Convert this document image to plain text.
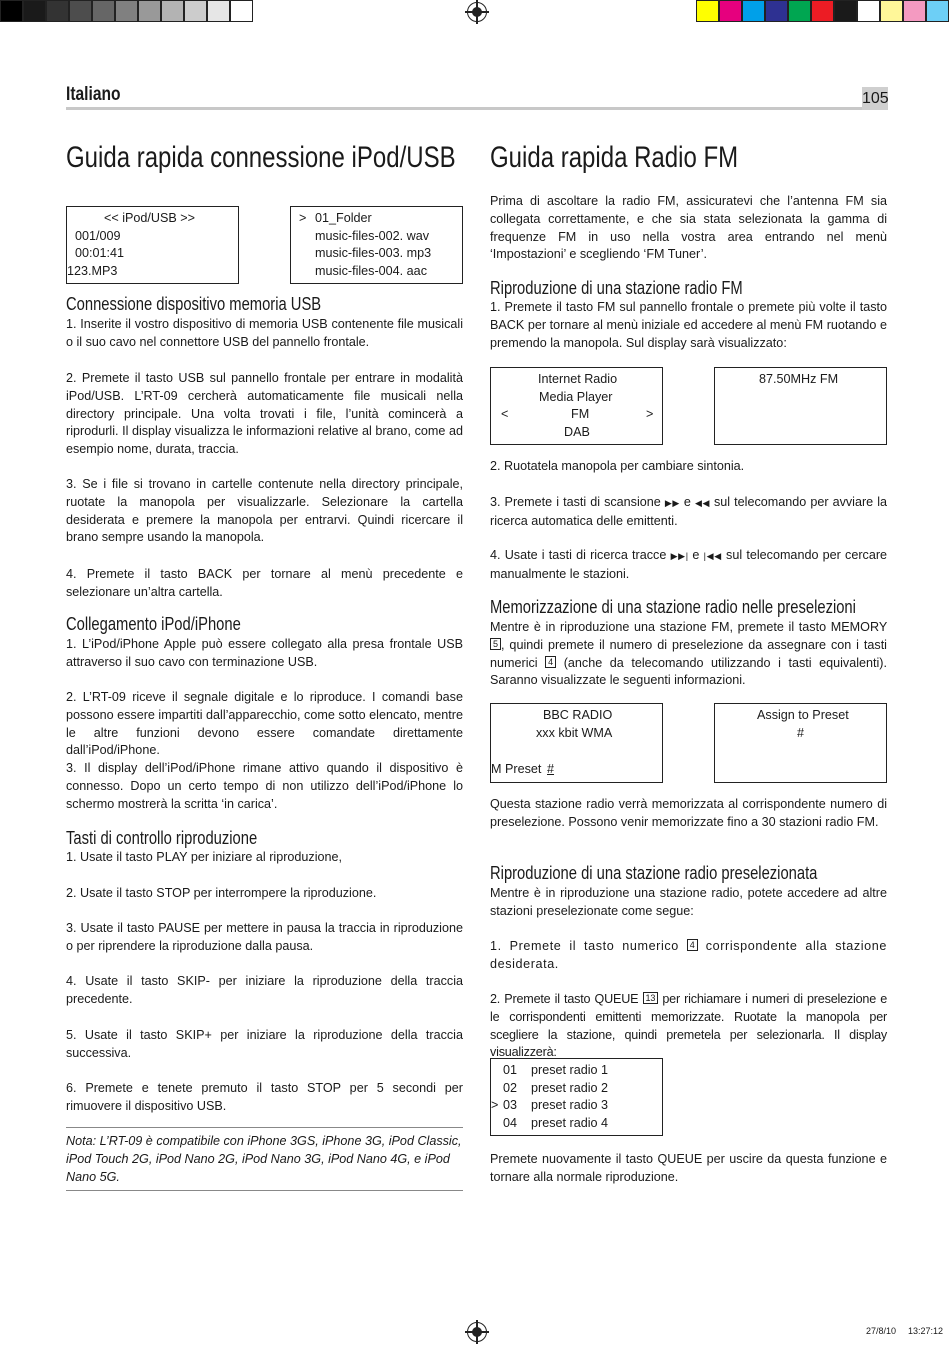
Italiano	105
Guida rapida connessione iPod/USB
<< iPod/USB >>
001/009
00:01:41
123.MP3
> 01_Folder
music-files-002. wav
music-files-003. mp3
music-files-004. aac
Connessione dispositivo memoria USB
1. Inserite il vostro dispositivo di memoria USB contenente file musicali o il suo cavo nel connettore USB del pannello frontale.
2. Premete il tasto USB sul pannello frontale per entrare in modalità iPod/USB. L’RT-09 cercherà automaticamente file musicali nella directory principale. Una volta trovati i file, l’unità comincerà a riprodurli. Il display visualizza le informazioni relative al brano, come ad esempio nome, durata, traccia.
3. Se i file si trovano in cartelle contenute nella directory principale, ruotate la manopola per visualizzarle. Selezionare la cartella desiderata e premere la manopola per entrarvi. Quindi ricercare il brano sempre usando la manopola.
4. Premete il tasto BACK per tornare al menù precedente e selezionare un’altra cartella.
Collegamento iPod/iPhone
1. L’iPod/iPhone Apple può essere collegato alla presa frontale USB attraverso il suo cavo con terminazione USB.
2. L’RT-09 riceve il segnale digitale e lo riproduce. I comandi base possono essere impartiti dall’apparecchio, come sotto elencato, mentre le altre funzioni devono essere comandate direttamente dall’iPod/iPhone.
3. Il display dell’iPod/iPhone rimane attivo quando il dispositivo è connesso. Dopo un certo tempo di non utilizzo dell’iPod/iPhone lo schermo mostrerà la scritta ‘in carica’.
Tasti di controllo riproduzione
1. Usate il tasto PLAY per iniziare al riproduzione,
2. Usate il tasto STOP per interrompere la riproduzione.
3. Usate il tasto PAUSE per mettere in pausa la traccia in riproduzione o per riprendere la riproduzione dalla pausa.
4. Usate il tasto SKIP- per iniziare la riproduzione della traccia precedente.
5. Usate il tasto SKIP+ per iniziare la riproduzione della traccia successiva.
6. Premete e tenete premuto il tasto STOP per 5 secondi per rimuovere il dispositivo USB.
Nota: L’RT-09 è compatibile con iPhone 3GS, iPhone 3G, iPod Classic, iPod Touch 2G, iPod Nano 2G, iPod Nano 3G, iPod Nano 4G, e iPod Nano 5G.
Guida rapida Radio FM
Prima di ascoltare la radio FM, assicuratevi che l’antenna FM sia collegata correttamente, e che sia stata selezionata la gamma di frequenze FM in uso nella vostra area entrando nel menù ‘Impostazioni’ e scegliendo ‘FM Tuner’.
Riproduzione di una stazione radio FM
1. Premete il tasto FM sul pannello frontale o premete più volte il tasto BACK per tornare al menù iniziale ed accedere al menù FM ruotando e premendo la manopola. Sul display sarà visualizzato:
Internet Radio
Media Player
<	FM	>
DAB
87.50MHz FM
2. Ruotatela manopola per cambiare sintonia.
3. Premete i tasti di scansione ▶▶ e ◀◀ sul telecomando per avviare la ricerca automatica delle emittenti.
4. Usate i tasti di ricerca tracce ▶▶| e |◀◀ sul telecomando per cercare manualmente le stazioni.
Memorizzazione di una stazione radio nelle preselezioni
Mentre è in riproduzione una stazione FM, premete il tasto MEMORY 5 , quindi premete il numero di preselezione da assegnare con i tasti numerici 4 (anche da telecomando utilizzando i tasti equivalenti). Saranno visualizzate le seguenti informazioni.
BBC RADIO
xxx kbit WMA
M Preset #
Assign to Preset
#
Questa stazione radio verrà memorizzata al corrispondente numero di preselezione. Possono venir memorizzate fino a 30 stazioni radio FM.
Riproduzione di una stazione radio preselezionata
Mentre è in riproduzione una stazione radio, potete accedere ad altre stazioni preselezionate come segue:
1. Premete il tasto numerico 4 corrispondente alla stazione desiderata.
2. Premete il tasto QUEUE 13 per richiamare i numeri di preselezione e le corrispondenti emittenti memorizzate. Ruotate la manopola per scegliere la stazione, quindi premetela per selezionarla. Il display visualizzerà:
01 preset radio 1
02 preset radio 2
> 03 preset radio 3
04 preset radio 4
Premete nuovamente il tasto QUEUE per uscire da questa funzione e tornare alla normale riproduzione.
27/8/10 13:27:12
